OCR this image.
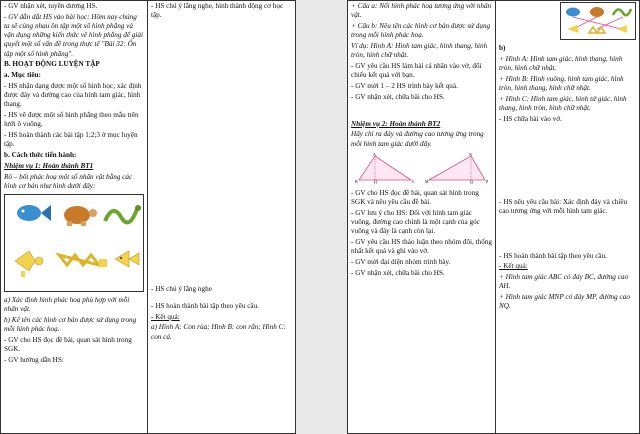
- GV nhận xét, tuyên dương HS.

- GV dẫn dắt HS vào bài học: Hôm nay chúng ta sẽ cùng nhau ôn tập một số hình phẳng và vận dụng những kiến thức về hình phẳng để giải quyết một số vấn đề trong thực tế "Bài 32: Ôn tập một số hình phẳng".

B. HOẠT ĐỘNG LUYỆN TẬP

a. Mục tiêu:

- HS nhận dạng được một số hình học; xác định được đáy và đường cao của hình tam giác, hình thang.

- HS vẽ được một số hình phẳng theo mẫu trên lưới ô vuông.

- HS hoàn thành các bài tập 1;2;3 ở mục luyện tập.

b. Cách thức tiến hành:

Nhiệm vụ 1: Hoàn thành BT1

Rô – bốt phác hoạ một số nhân vật bằng các hình cơ bản như hình dưới đây:

a) Xác định hình phác hoạ phù hợp với mỗi nhân vật.

b) Kể tên các hình cơ bản được sử dụng trong mỗi hình phác hoạ.

- GV cho HS đọc đề bài, quan sát hình trong SGK.

- GV hướng dẫn HS:

- HS chú ý lắng nghe, hình thành động cơ học tập.

- HS chú ý lắng nghe

- HS hoàn thành bài tập theo yêu cầu.

- Kết quả:

a) Hình A: Con rùa; Hình B: con rắn; Hình C: con cá.

+ Câu a: Nối hình phác hoạ tương ứng với nhân vật.

+ Câu b: Nêu tên các hình cơ bản được sử dụng trong mỗi hình phác hoạ.

Ví dụ: Hình A: Hình tam giác, hình thang, hình tròn, hình chữ nhật.

- GV yêu cầu HS làm bài cá nhân vào vở, đổi chiếu kết quả với bạn.

- GV mời 1 – 2 HS trình bày kết quả.

- GV nhận xét, chữa bài cho HS.

Nhiệm vụ 2: Hoàn thành BT2

Hãy chỉ ra đáy và đường cao tương ứng trong mỗi hình tam giác dưới đây.

A
B	C
H	M
N
P
Q

- GV cho HS đọc đề bài, quan sát hình trong SGK và nêu yêu cầu đề bài.

- GV lưu ý cho HS: Đối với hình tam giác vuông, đường cao chính là một cạnh của góc vuông và đáy là cạnh còn lại.

- GV yêu cầu HS thảo luận theo nhóm đôi, thống nhất kết quả và ghi vào vở.

- GV mời đại diện nhóm trình bày.

- GV nhận xét, chữa bài cho HS.

b)

+ Hình A: Hình tam giác, hình thang, hình tròn, hình chữ nhật.

+ Hình B: Hình vuông, hình tam giác, hình tròn, hình thang, hình chữ nhật.

+ Hình C: Hình tam giác, hình tứ giác, hình thang, hình tròn, hình chữ nhật.

- HS chữa bài vào vở.

- HS nêu yêu cầu bài: Xác định đáy và chiều cao tương ứng với mỗi hình tam giác.

- HS hoàn thành bài tập theo yêu cầu.

- Kết quả:

+ Hình tam giác ABC có đáy BC, đường cao AH.

+ Hình tam giác MNP có đáy MP, đường cao NQ.
